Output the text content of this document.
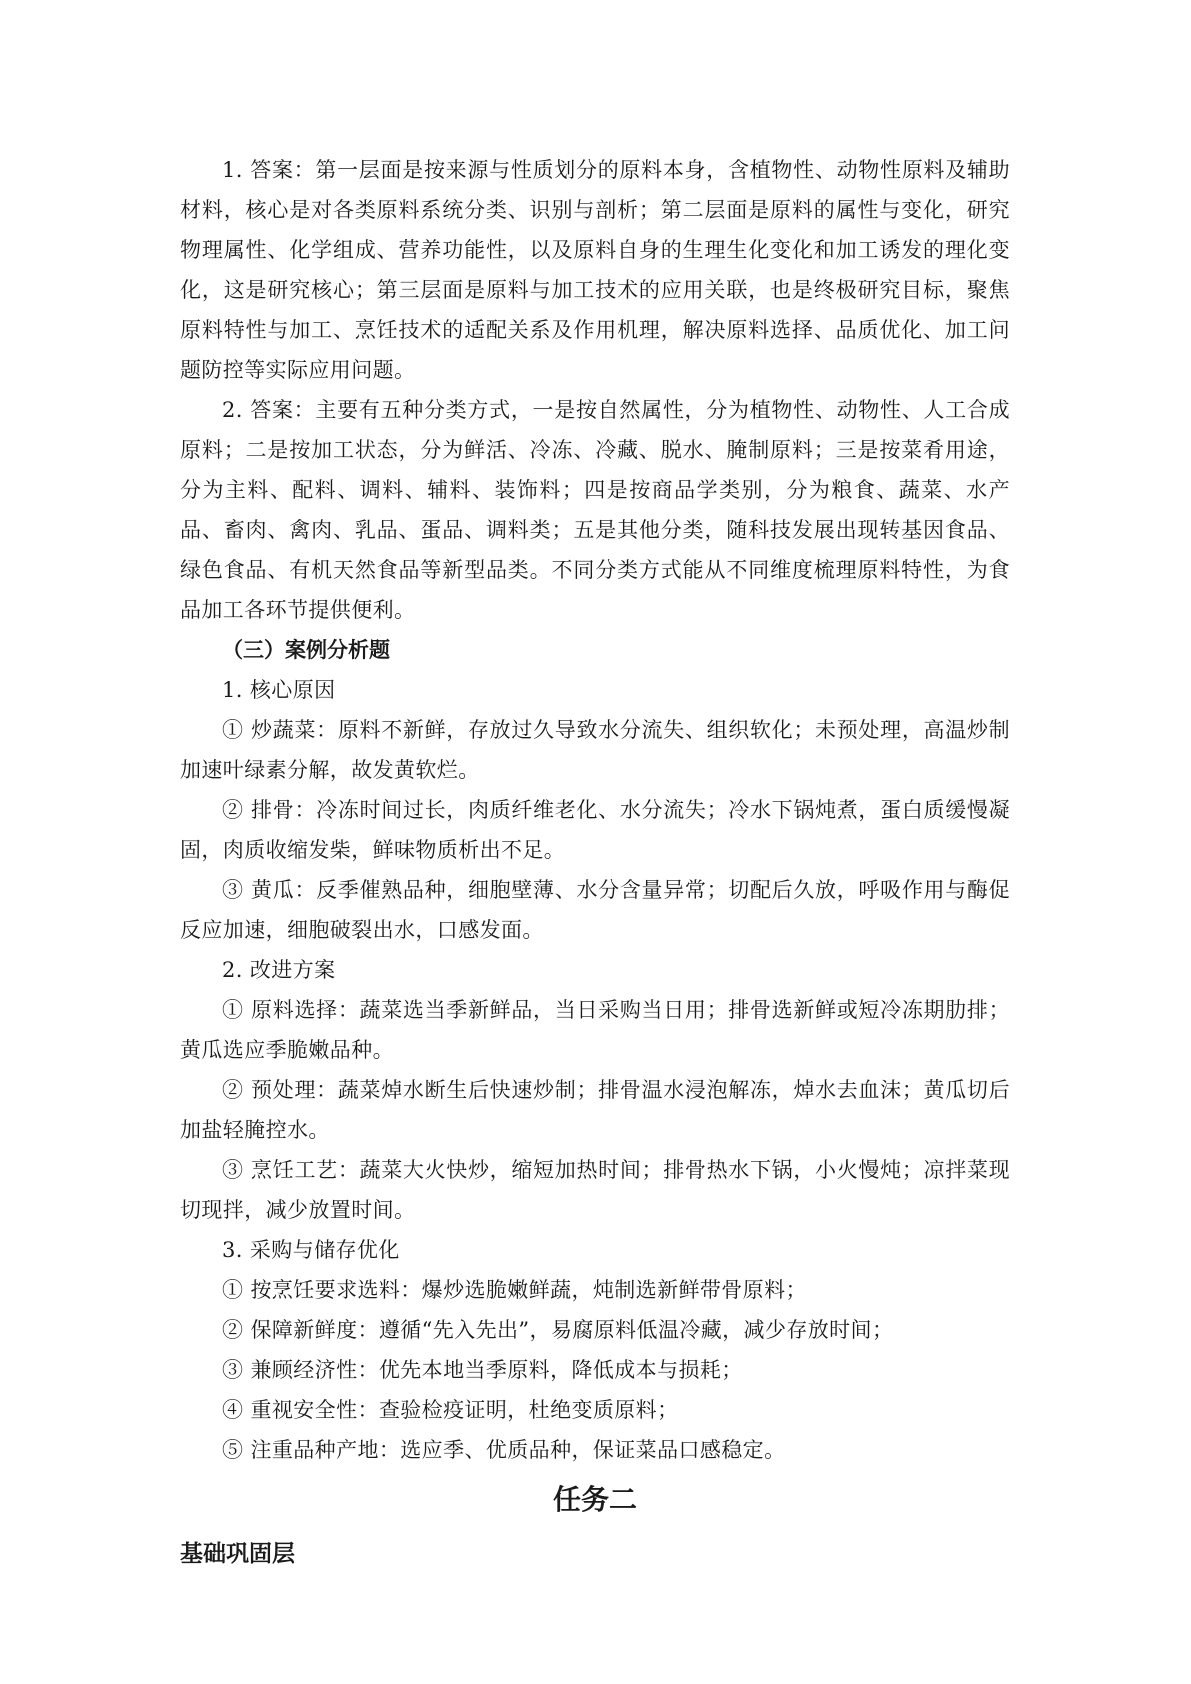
1. 答案：第一层面是按来源与性质划分的原料本身，含植物性、动物性原料及辅助材料，核心是对各类原料系统分类、识别与剖析；第二层面是原料的属性与变化，研究物理属性、化学组成、营养功能性，以及原料自身的生理生化变化和加工诱发的理化变化，这是研究核心；第三层面是原料与加工技术的应用关联，也是终极研究目标，聚焦原料特性与加工、烹饪技术的适配关系及作用机理，解决原料选择、品质优化、加工问题防控等实际应用问题。

2. 答案：主要有五种分类方式，一是按自然属性，分为植物性、动物性、人工合成原料；二是按加工状态，分为鲜活、冷冻、冷藏、脱水、腌制原料；三是按菜肴用途，分为主料、配料、调料、辅料、装饰料；四是按商品学类别，分为粮食、蔬菜、水产品、畜肉、禽肉、乳品、蛋品、调料类；五是其他分类，随科技发展出现转基因食品、绿色食品、有机天然食品等新型品类。不同分类方式能从不同维度梳理原料特性，为食品加工各环节提供便利。

（三）案例分析题

1. 核心原因

① 炒蔬菜：原料不新鲜，存放过久导致水分流失、组织软化；未预处理，高温炒制加速叶绿素分解，故发黄软烂。

② 排骨：冷冻时间过长，肉质纤维老化、水分流失；冷水下锅炖煮，蛋白质缓慢凝固，肉质收缩发柴，鲜味物质析出不足。

③ 黄瓜：反季催熟品种，细胞壁薄、水分含量异常；切配后久放，呼吸作用与酶促反应加速，细胞破裂出水，口感发面。

2. 改进方案

① 原料选择：蔬菜选当季新鲜品，当日采购当日用；排骨选新鲜或短冷冻期肋排；黄瓜选应季脆嫩品种。

② 预处理：蔬菜焯水断生后快速炒制；排骨温水浸泡解冻，焯水去血沫；黄瓜切后加盐轻腌控水。

③ 烹饪工艺：蔬菜大火快炒，缩短加热时间；排骨热水下锅，小火慢炖；凉拌菜现切现拌，减少放置时间。

3. 采购与储存优化

① 按烹饪要求选料：爆炒选脆嫩鲜蔬，炖制选新鲜带骨原料；

② 保障新鲜度：遵循“先入先出”，易腐原料低温冷藏，减少存放时间；

③ 兼顾经济性：优先本地当季原料，降低成本与损耗；

④ 重视安全性：查验检疫证明，杜绝变质原料；

⑤ 注重品种产地：选应季、优质品种，保证菜品口感稳定。

任务二
基础巩固层
